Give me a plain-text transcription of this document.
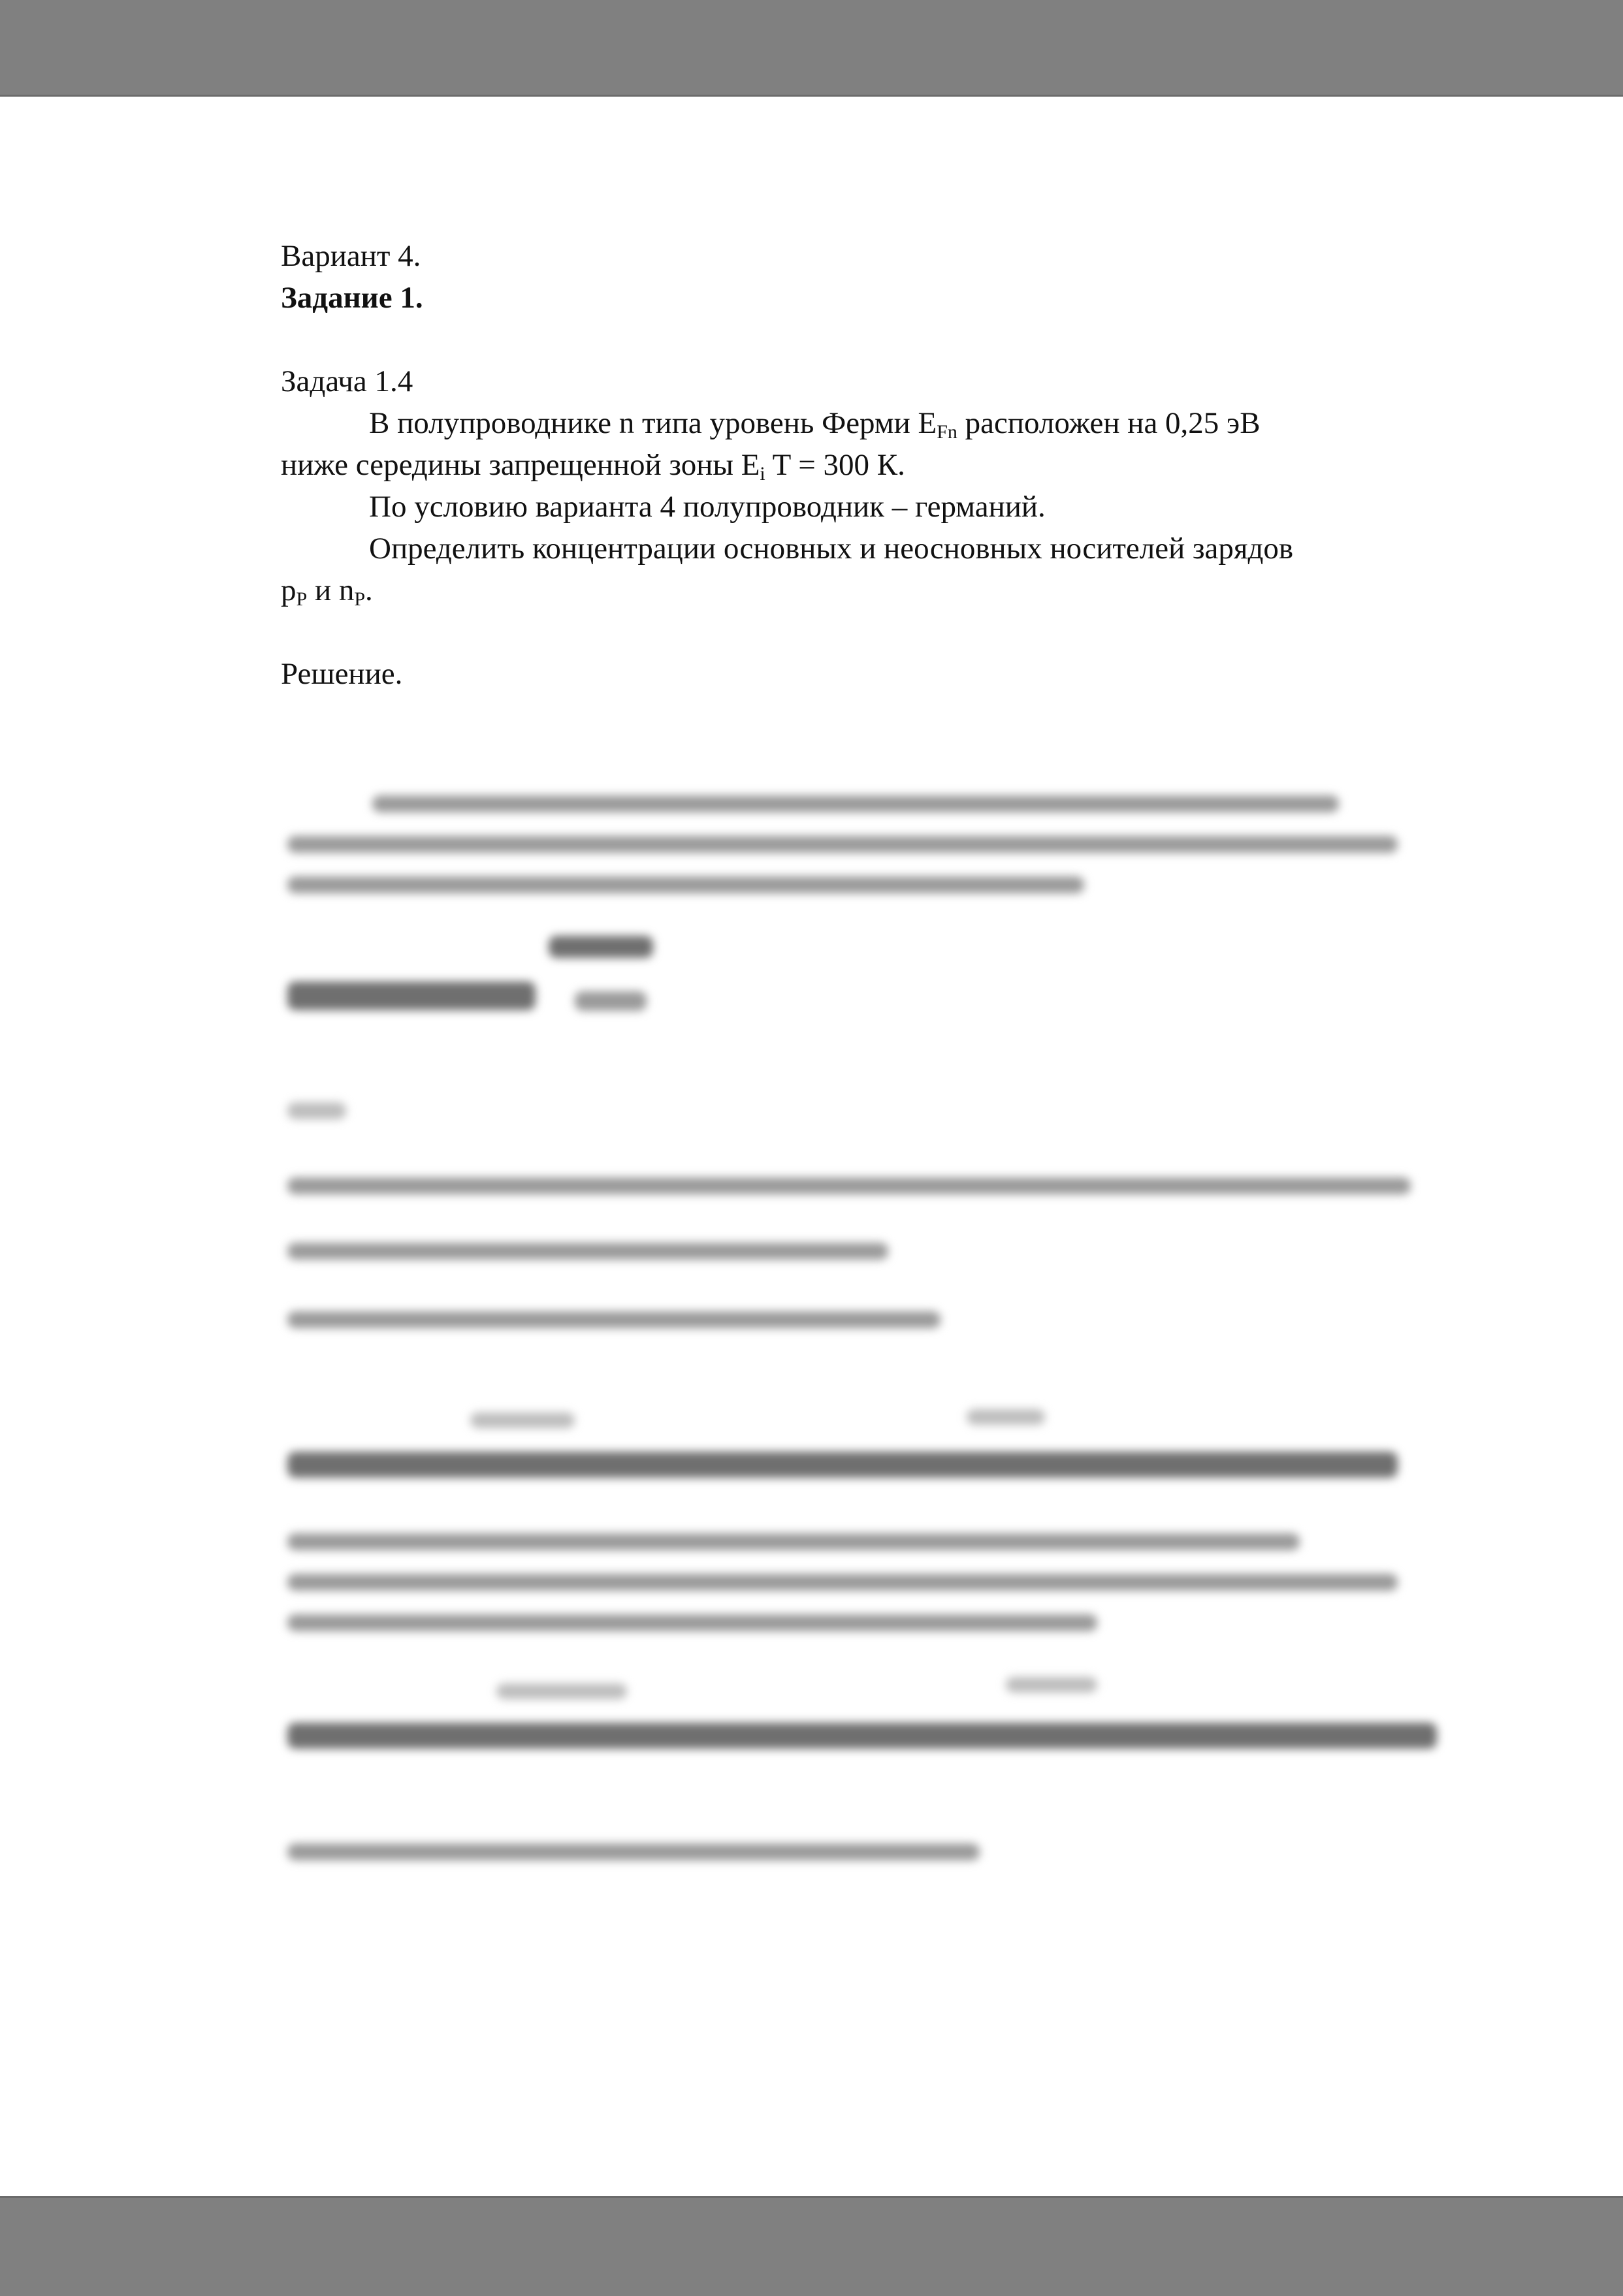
Вариант 4.
Задание 1.
Задача 1.4
В полупроводнике n типа уровень Ферми $E_{Fn}$ расположен на 0,25 эВ
ниже середины запрещенной зоны $E_i$ T = 300 К.
По условию варианта 4 полупроводник – германий.
Определить концентрации основных и неосновных носителей зарядов
$p_P$ и $n_P$.
Решение.
